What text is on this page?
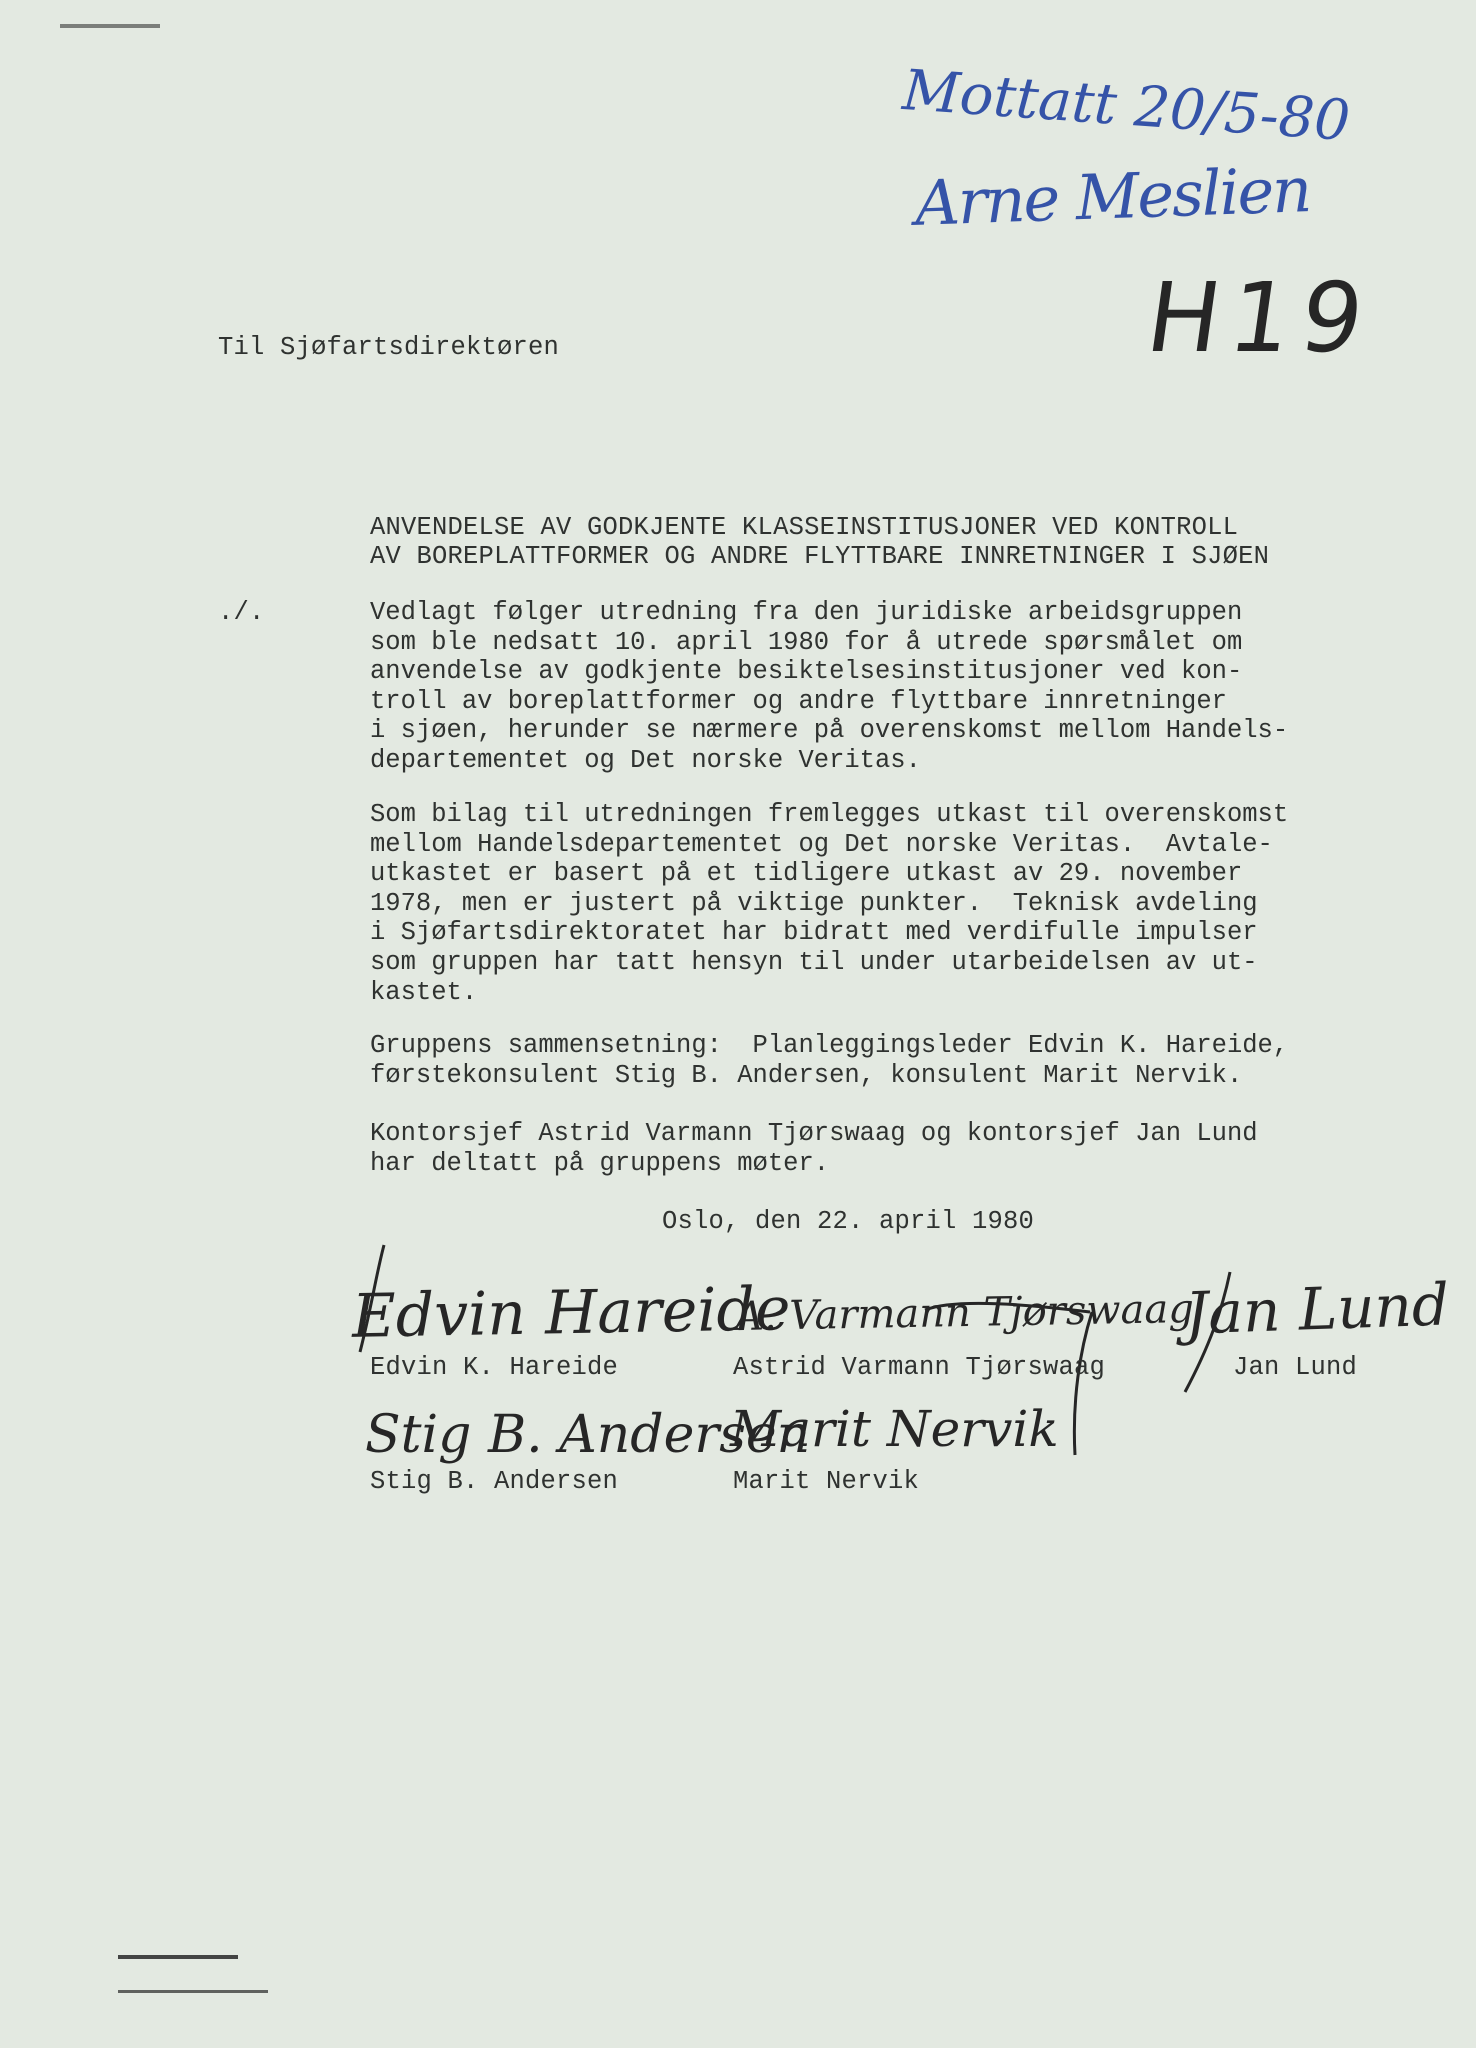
Mottatt 20/5-80
Arne Meslien
H19
Til Sjøfartsdirektøren
ANVENDELSE AV GODKJENTE KLASSEINSTITUSJONER VED KONTROLL
AV BOREPLATTFORMER OG ANDRE FLYTTBARE INNRETNINGER I SJØEN
./.	Vedlagt følger utredning fra den juridiske arbeidsgruppen
som ble nedsatt 10. april 1980 for å utrede spørsmålet om
anvendelse av godkjente besiktelsesinstitusjoner ved kon-
troll av boreplattformer og andre flyttbare innretninger
i sjøen, herunder se nærmere på overenskomst mellom Handels-
departementet og Det norske Veritas.
Som bilag til utredningen fremlegges utkast til overenskomst
mellom Handelsdepartementet og Det norske Veritas.  Avtale-
utkastet er basert på et tidligere utkast av 29. november
1978, men er justert på viktige punkter.  Teknisk avdeling
i Sjøfartsdirektoratet har bidratt med verdifulle impulser
som gruppen har tatt hensyn til under utarbeidelsen av ut-
kastet.
Gruppens sammensetning:  Planleggingsleder Edvin K. Hareide,
førstekonsulent Stig B. Andersen, konsulent Marit Nervik.
Kontorsjef Astrid Varmann Tjørswaag og kontorsjef Jan Lund
har deltatt på gruppens møter.
Oslo, den 22. april 1980
Edvin Hareide
A. Varmann Tjørswaag
Jan Lund
Stig B. Andersen
Marit Nervik
Edvin K. Hareide	Astrid Varmann Tjørswaag	Jan Lund
Stig B. Andersen	Marit Nervik
